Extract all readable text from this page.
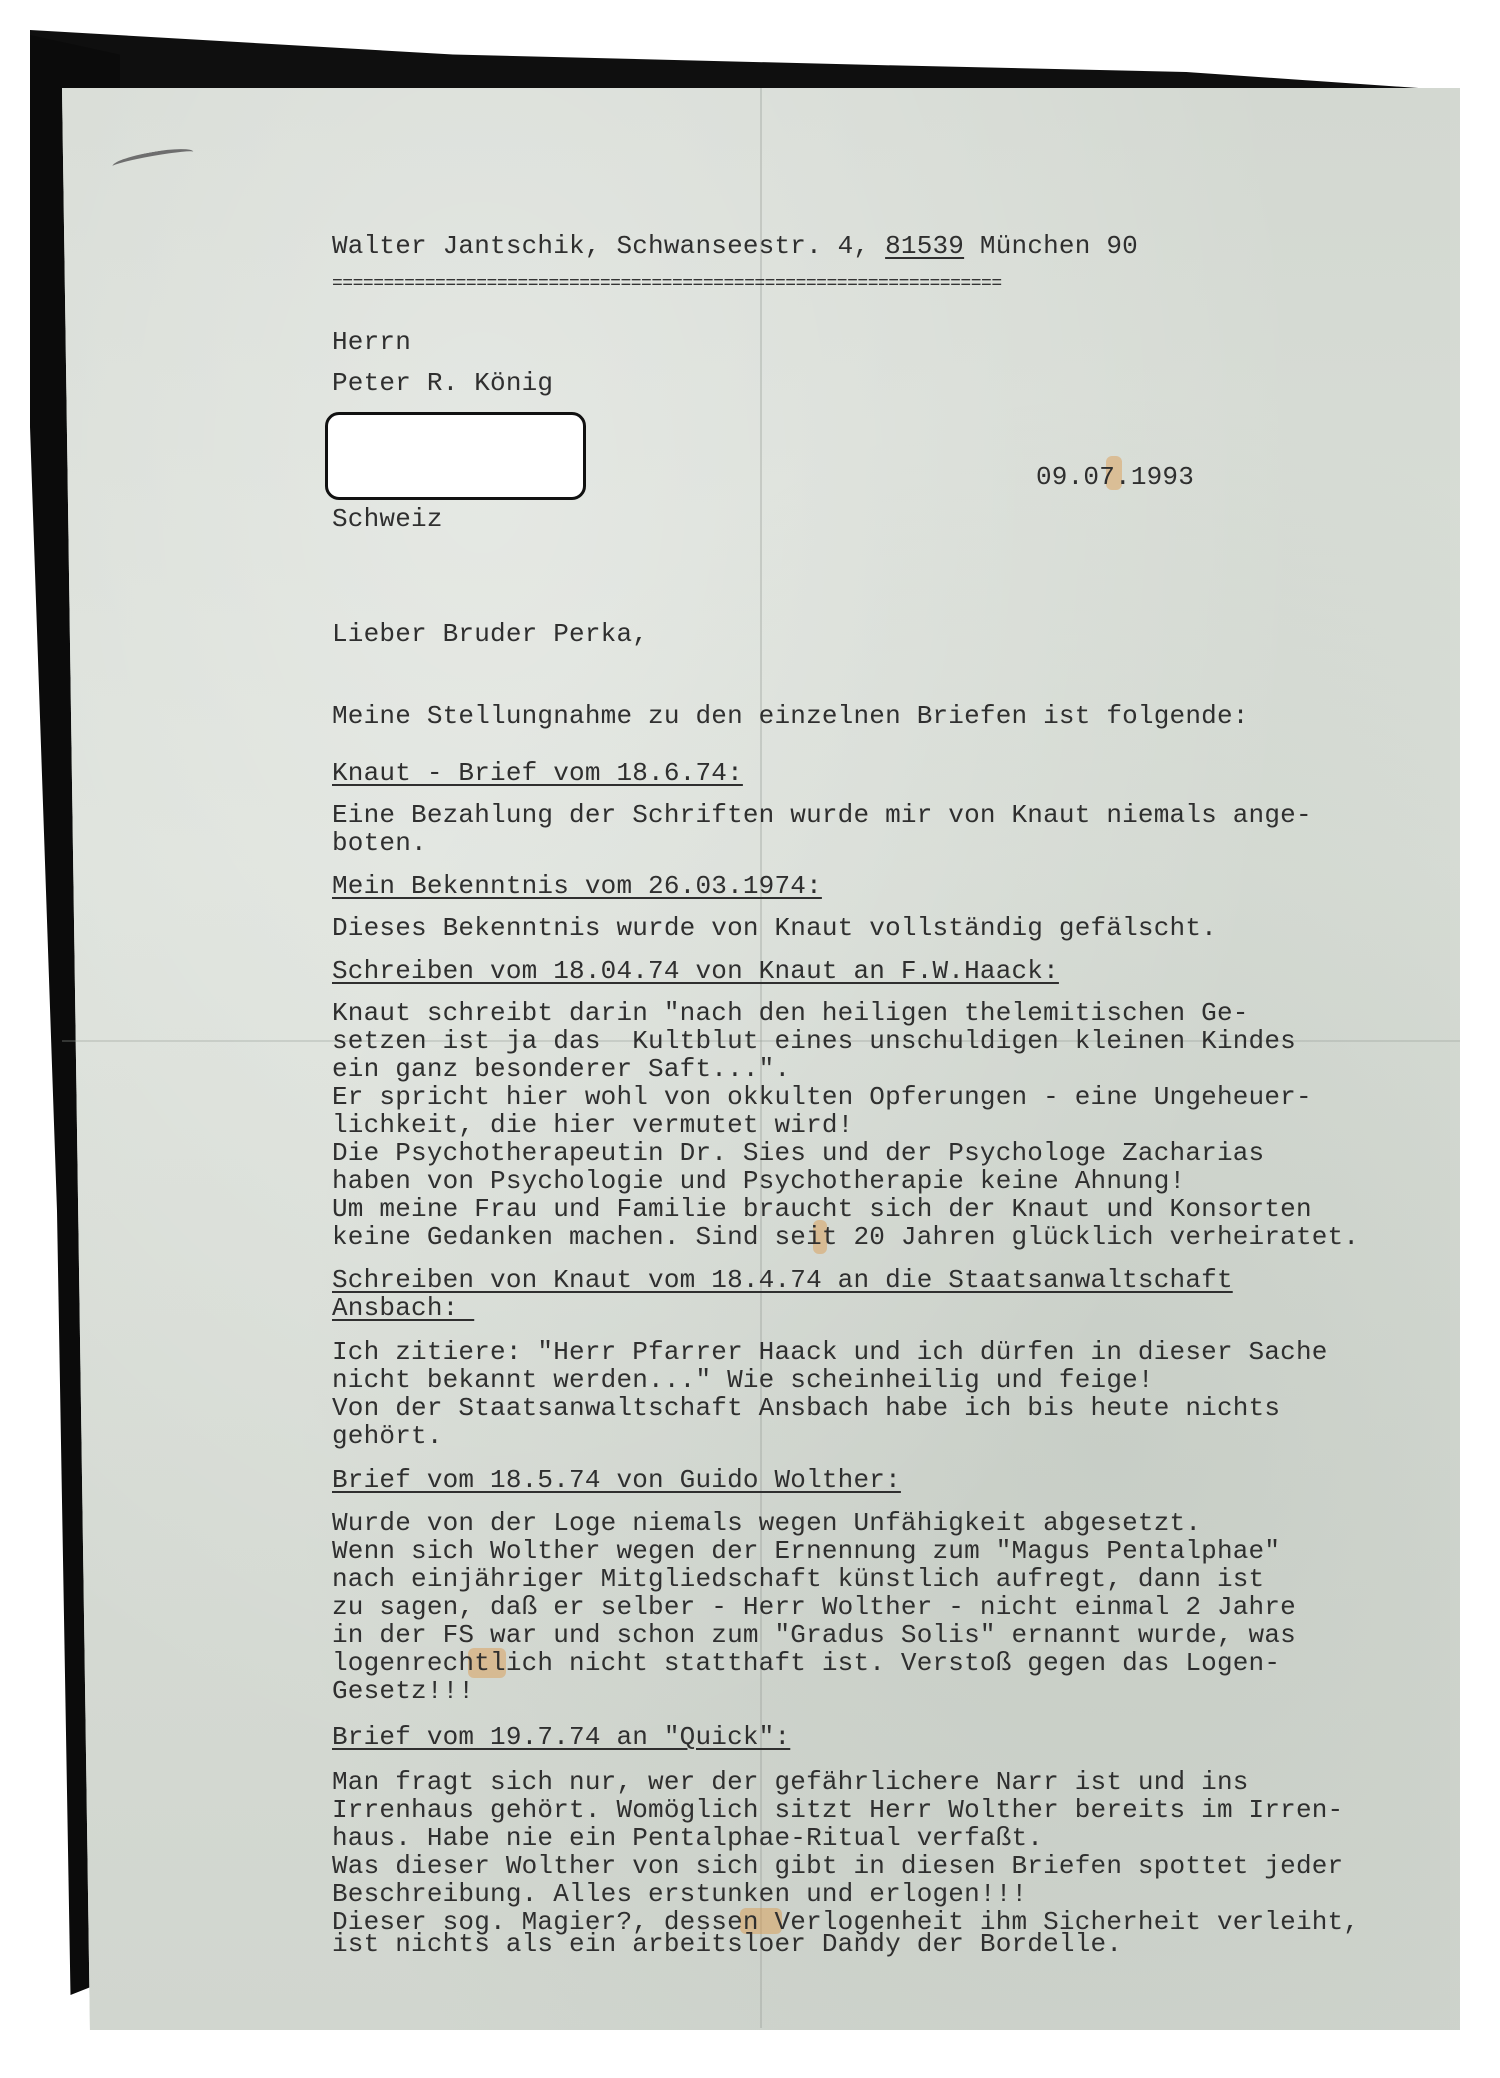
Walter Jantschik, Schwanseestr. 4, 81539 München 90
=================================================================
Herrn
Peter R. König
09.07.1993
Schweiz
Lieber Bruder Perka,
Meine Stellungnahme zu den einzelnen Briefen ist folgende:
Knaut - Brief vom 18.6.74:
Eine Bezahlung der Schriften wurde mir von Knaut niemals ange-
boten.
Mein Bekenntnis vom 26.03.1974:
Dieses Bekenntnis wurde von Knaut vollständig gefälscht.
Schreiben vom 18.04.74 von Knaut an F.W.Haack:
Knaut schreibt darin "nach den heiligen thelemitischen Ge-
setzen ist ja das  Kultblut eines unschuldigen kleinen Kindes
ein ganz besonderer Saft...".
Er spricht hier wohl von okkulten Opferungen - eine Ungeheuer-
lichkeit, die hier vermutet wird!
Die Psychotherapeutin Dr. Sies und der Psychologe Zacharias
haben von Psychologie und Psychotherapie keine Ahnung!
Um meine Frau und Familie braucht sich der Knaut und Konsorten
keine Gedanken machen. Sind seit 20 Jahren glücklich verheiratet.
Schreiben von Knaut vom 18.4.74 an die Staatsanwaltschaft
Ansbach:
Ich zitiere: "Herr Pfarrer Haack und ich dürfen in dieser Sache
nicht bekannt werden..." Wie scheinheilig und feige!
Von der Staatsanwaltschaft Ansbach habe ich bis heute nichts
gehört.
Brief vom 18.5.74 von Guido Wolther:
Wurde von der Loge niemals wegen Unfähigkeit abgesetzt.
Wenn sich Wolther wegen der Ernennung zum "Magus Pentalphae"
nach einjähriger Mitgliedschaft künstlich aufregt, dann ist
zu sagen, daß er selber - Herr Wolther - nicht einmal 2 Jahre
in der FS war und schon zum "Gradus Solis" ernannt wurde, was
logenrechtlich nicht statthaft ist. Verstoß gegen das Logen-
Gesetz!!!
Brief vom 19.7.74 an "Quick":
Man fragt sich nur, wer der gefährlichere Narr ist und ins
Irrenhaus gehört. Womöglich sitzt Herr Wolther bereits im Irren-
haus. Habe nie ein Pentalphae-Ritual verfaßt.
Was dieser Wolther von sich gibt in diesen Briefen spottet jeder
Beschreibung. Alles erstunken und erlogen!!!
Dieser sog. Magier?, dessen Verlogenheit ihm Sicherheit verleiht,
ist nichts als ein arbeitsloer Dandy der Bordelle.
